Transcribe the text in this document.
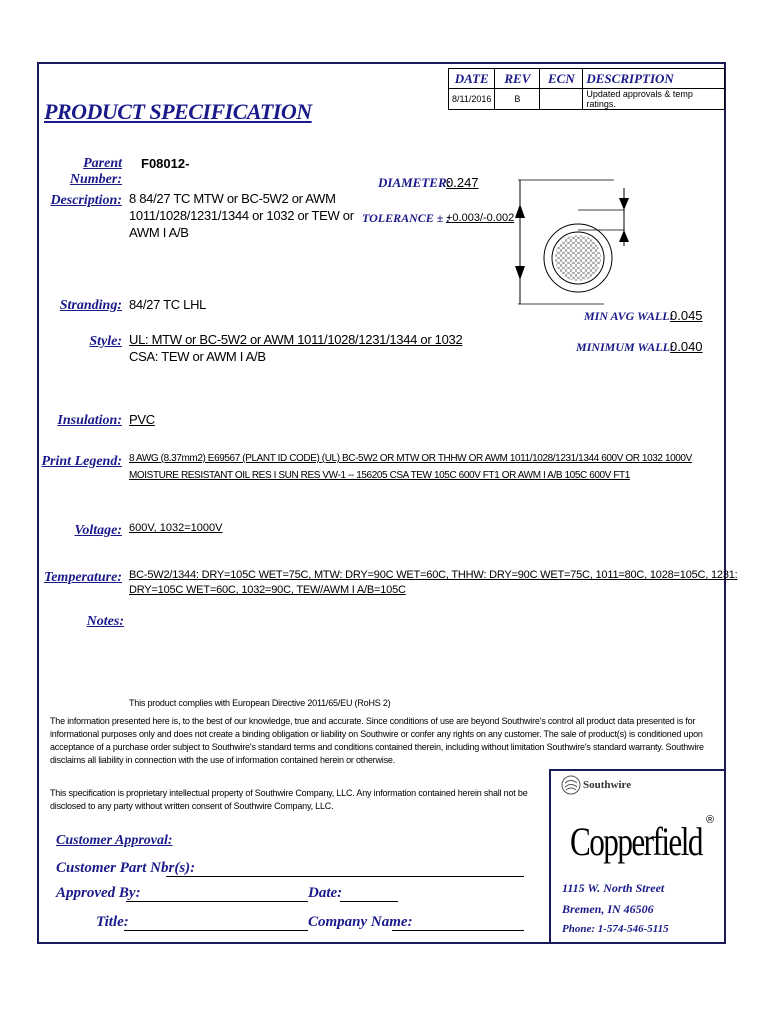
DATE	REV	ECN	DESCRIPTION
8/11/2016	B		Updated approvals & temp ratings.
PRODUCT SPECIFICATION
Parent Number:
F08012-
Description: 8 84/27 TC MTW or BC-5W2 or AWM
1011/1028/1231/1344 or 1032 or TEW or
AWM I A/B
DIAMETER:
0.247
TOLERANCE ± :
+0.003/-0.002
Stranding: 84/27 TC LHL
MIN AVG WALL:
0.045
MINIMUM WALL:
0.040
Style: UL: MTW or BC-5W2 or AWM 1011/1028/1231/1344 or 1032
CSA: TEW or AWM I A/B
Insulation: PVC
Print Legend: 8 AWG (8.37mm2) E69567 (PLANT ID CODE) (UL) BC-5W2 OR MTW OR THHW OR AWM 1011/1028/1231/1344 600V OR 1032 1000V
MOISTURE RESISTANT OIL RES I SUN RES VW-1 -- 156205 CSA TEW 105C 600V FT1 OR AWM I A/B 105C 600V FT1
Voltage: 600V, 1032=1000V
Temperature: BC-5W2/1344: DRY=105C WET=75C, MTW: DRY=90C WET=60C, THHW: DRY=90C WET=75C, 1011=80C, 1028=105C, 1231:
DRY=105C WET=60C, 1032=90C, TEW/AWM I A/B=105C
Notes:
This product complies with European Directive 2011/65/EU (RoHS 2)
The information presented here is, to the best of our knowledge, true and accurate. Since conditions of use are beyond Southwire's control all product data presented is for informational purposes only and does not create a binding obligation or liability on Southwire or confer any rights on any customer. The sale of product(s) is conditioned upon acceptance of a purchase order subject to Southwire's standard terms and conditions contained therein, including without limitation Southwire's standard warranty. Southwire disclaims all liability in connection with the use of information contained herein or otherwise.
This specification is proprietary intellectual property of Southwire Company, LLC. Any information contained herein shall not be disclosed to any party without written consent of Southwire Company, LLC.
Southwire
Copperfield ®
1115 W. North Street
Bremen, IN 46506
Phone: 1-574-546-5115
Customer Approval:
Customer Part Nbr(s):
Approved By:	Date:
Title:	Company Name:
